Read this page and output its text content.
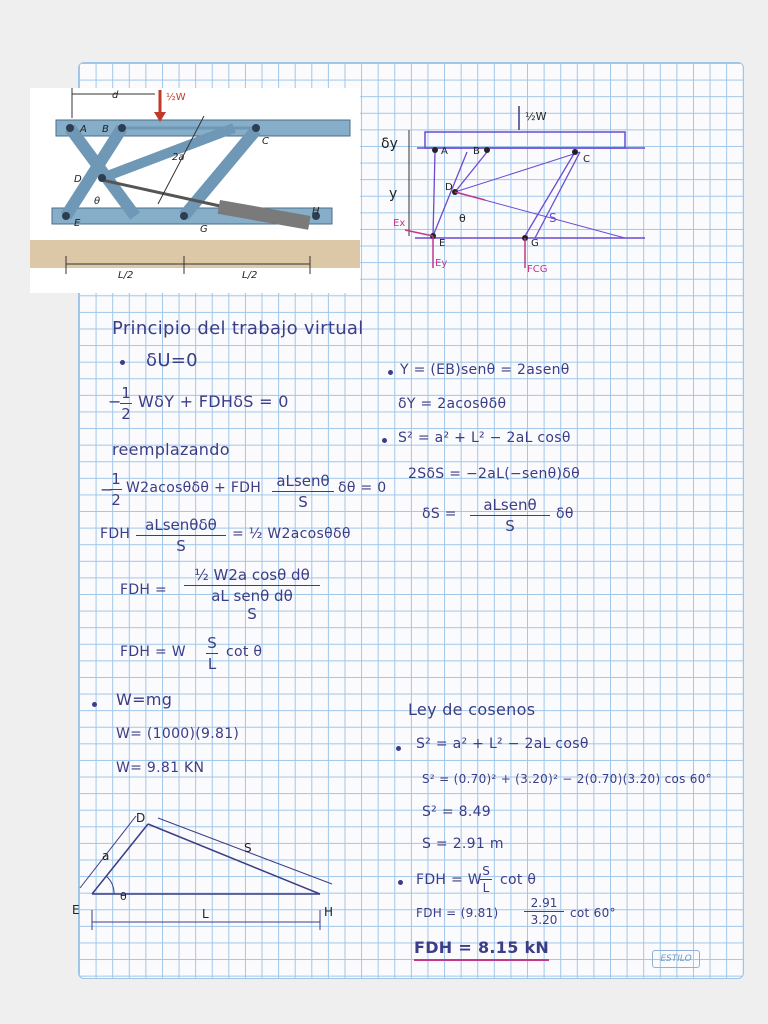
d	½W
2a
A B
C
D
E
G
H
θ
L/2	L/2
δy
½W
y
S
Ex
Ey
FCG
A	B
C
D
E	G
θ
Principio del trabajo virtual
δU=0
− 1
2
WδY + FDHδS = 0
reemplazando
−
1
2
W2acosθδθ + FDH aLsenθ
S
δθ = 0
FDH aLsenθδθ
S
= ½ W2acosθδθ
FDH =
½ W2a cosθ dθ
aL senθ dθ
S
FDH = W S
L
cot θ
Y = (EB)senθ = 2asenθ
δY = 2acosθδθ
S² = a² + L² − 2aL cosθ
2SδS = −2aL(−senθ)δθ
δS =	aLsenθ
S
δθ
W=mg
W= (1000)(9.81)
W= 9.81 KN
Ley de cosenos
S² = a² + L² − 2aL cosθ
S² = (0.70)² + (3.20)² − 2(0.70)(3.20) cos 60°
S² = 8.49
S = 2.91 m
FDH = W
S
L cot θ
FDH = (9.81)
2.91
3.20	cot 60°
FDH = 8.15 kN
D
a
S
E
θ
H
L
ESTILO
